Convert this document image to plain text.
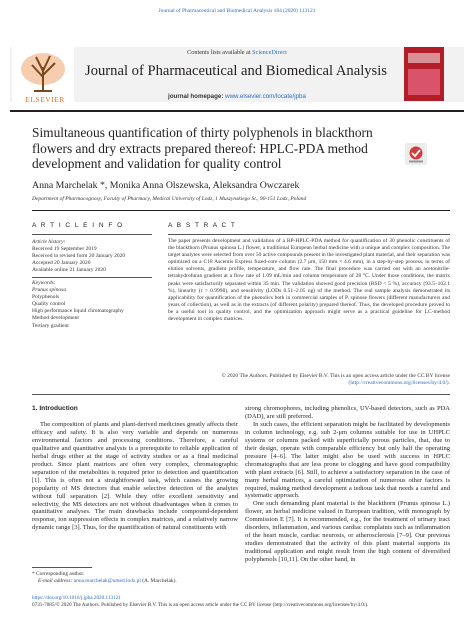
Journal of Pharmaceutical and Biomedical Analysis 184 (2020) 113121
ELSEVIER
Contents lists available at ScienceDirect
Journal of Pharmaceutical and Biomedical Analysis
journal homepage: www.elsevier.com/locate/jpba
Simultaneous quantification of thirty polyphenols in blackthorn flowers and dry extracts prepared thereof: HPLC-PDA method development and validation for quality control
Anna Marchelak *, Monika Anna Olszewska, Aleksandra Owczarek
Department of Pharmacognosy, Faculty of Pharmacy, Medical University of Lodz, 1 Muszynskiego St., 90-151 Lodz, Poland
A R T I C L E I N F O
Article history:
Received 19 September 2019
Received in revised form 20 January 2020
Accepted 20 January 2020
Available online 21 January 2020
Keywords:
Prunus spinosa
Polyphenols
Quality control
High performance liquid chromatography
Method development
Tertiary gradient
A B S T R A C T
The paper presents development and validation of a RP-HPLC-PDA method for quantification of 30 phenolic constituents of the blackthorn (Prunus spinosa L.) flower, a traditional European herbal medicine with a unique and complex composition. The target analytes were selected from over 50 active compounds present in the investigated plant material, and their separation was optimized on a C18 Ascentis Express fused-core column (2.7 μm, 150 mm × 4.6 mm), in a step-by-step process, in terms of elution solvents, gradient profile, temperature, and flow rate. The final procedure was carried out with an acetonitrile-tetrahydrofuran gradient at a flow rate of 1.09 mL/min and column temperature of 28 °C. Under those conditions, the matrix peaks were satisfactorily separated within 35 min. The validation showed good precision (RSD < 5 %), accuracy (93.5–102.1 %), linearity (r > 0.9998), and sensitivity (LODs 0.51–2.05 ng) of the method. The real sample analysis demonstrated its applicability for quantification of the phenolics both in commercial samples of P. spinose flowers (different manufacturers and years of collection), as well as in the extracts (of different polarity) prepared thereof. Thus, the developed procedure proved to be a useful tool in quality control, and the optimization approach might serve as a practical guideline for LC-method development in complex matrices.
© 2020 The Authors. Published by Elsevier B.V. This is an open access article under the CC BY license
(http://creativecommons.org/licenses/by/4.0/).
1. Introduction

The composition of plants and plant-derived medicines greatly affects their efficacy and safety. It is also very variable and depends on numerous environmental factors and processing conditions. Therefore, a careful qualitative and quantitative analysis is a prerequisite to reliable application of herbal drugs either at the stage of activity studies or as a final medicinal product. Since plant matrices are often very complex, chromatographic separation of the metabolites is required prior to detection and quantification [1]. This is often not a straightforward task, which causes the growing popularity of MS detectors that enable selective detection of the analytes without full separation [2]. While they offer excellent sensitivity and selectivity, the MS detectors are not without disadvantages when it comes to quantitative analyses. The main drawbacks include compound-dependent response, ion suppression effects in complex matrices, and a relatively narrow dynamic range [3]. Thus, for the quantification of natural constituents with

strong chromophores, including phenolics, UV-based detectors, such as PDA (DAD), are still preferred.

In such cases, the efficient separation might be facilitated by developments in column technology, e.g. sub 2-μm columns suitable for use in UHPLC systems or columns packed with superficially porous particles, that, due to their design, operate with comparable efficiency but only half the operating pressure [4–6]. The latter might also be used with success in HPLC chromatographs that are less prone to clogging and have good compatibility with plant extracts [6]. Still, to achieve a satisfactory separation in the case of many herbal matrices, a careful optimization of numerous other factors is required, making method development a tedious task that needs a careful and systematic approach.

One such demanding plant material is the blackthorn (Prunus spinosa L.) flower, an herbal medicine valued in European tradition, with monograph by Commission E [7]. It is recommended, e.g., for the treatment of urinary tract disorders, inflammation, and various cardiac complaints such as inflammation of the heart muscle, cardiac neurosis, or atherosclerosis [7–9]. Our previous studies demonstrated that the activity of this plant material supports its traditional application and might result from the high content of diversified polyphenols [10,11]. On the other hand, in

* Corresponding author.
E-mail address: anna.marchelak@umed.lodz.pl (A. Marchelak).
https://doi.org/10.1016/j.jpba.2020.113121
0731-7085/© 2020 The Authors. Published by Elsevier B.V. This is an open access article under the CC BY license (http://creativecommons.org/licenses/by/4.0/).
